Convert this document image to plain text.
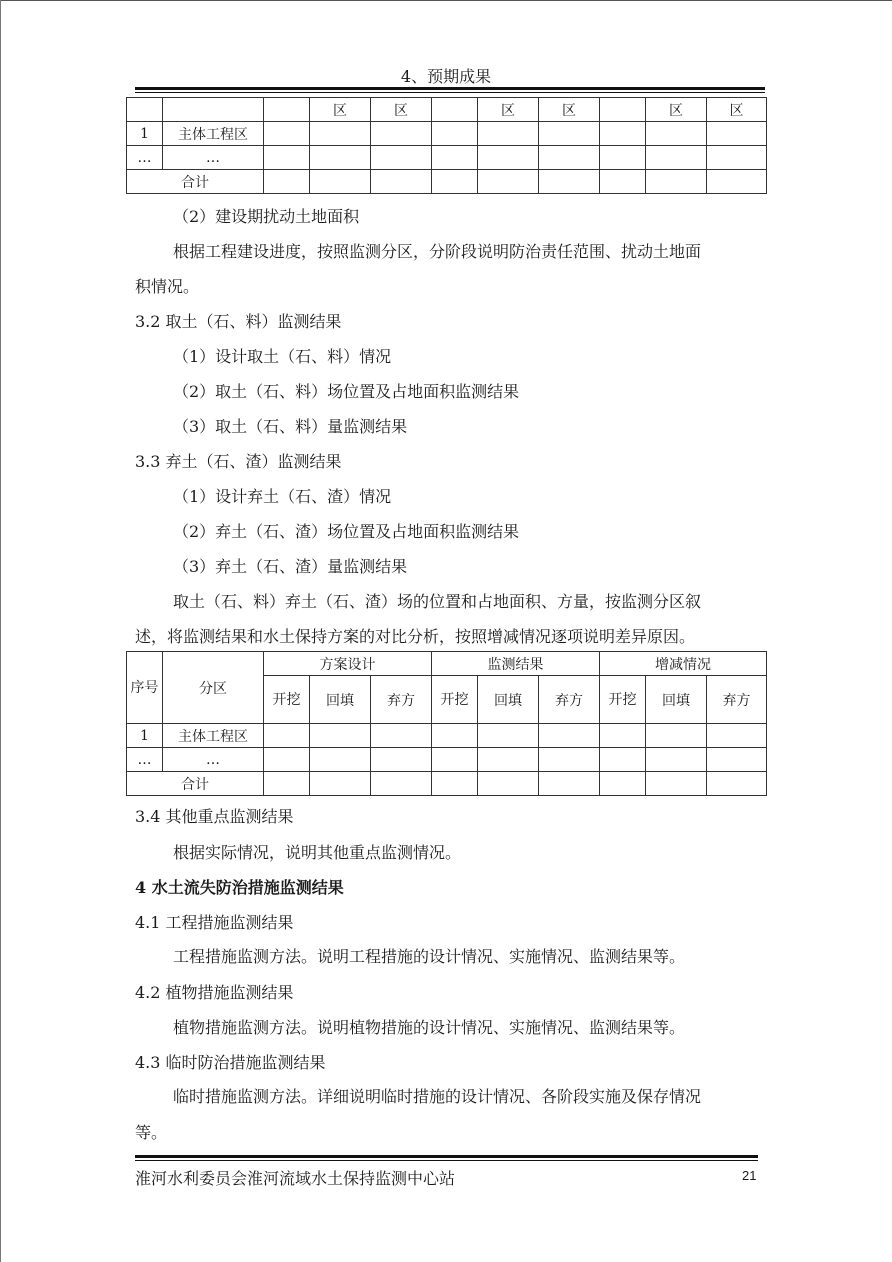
4、预期成果
			区	区		区	区		区	区
1	主体工程区									
…	…									
合计										
（2）建设期扰动土地面积
根据工程建设进度，按照监测分区，分阶段说明防治责任范围、扰动土地面
积情况。
3.2 取土（石、料）监测结果
（1）设计取土（石、料）情况
（2）取土（石、料）场位置及占地面积监测结果
（3）取土（石、料）量监测结果
3.3 弃土（石、渣）监测结果
（1）设计弃土（石、渣）情况
（2）弃土（石、渣）场位置及占地面积监测结果
（3）弃土（石、渣）量监测结果
取土（石、料）弃土（石、渣）场的位置和占地面积、方量，按监测分区叙
述，将监测结果和水土保持方案的对比分析，按照增减情况逐项说明差异原因。
序号	分区	方案设计			监测结果			增减情况		
		开挖	回填	弃方	开挖	回填	弃方	开挖	回填	弃方
1	主体工程区									
…	…									
合计										
3.4 其他重点监测结果
根据实际情况，说明其他重点监测情况。
4 水土流失防治措施监测结果
4.1 工程措施监测结果
工程措施监测方法。说明工程措施的设计情况、实施情况、监测结果等。
4.2 植物措施监测结果
植物措施监测方法。说明植物措施的设计情况、实施情况、监测结果等。
4.3 临时防治措施监测结果
临时措施监测方法。详细说明临时措施的设计情况、各阶段实施及保存情况
等。
淮河水利委员会淮河流域水土保持监测中心站	21
